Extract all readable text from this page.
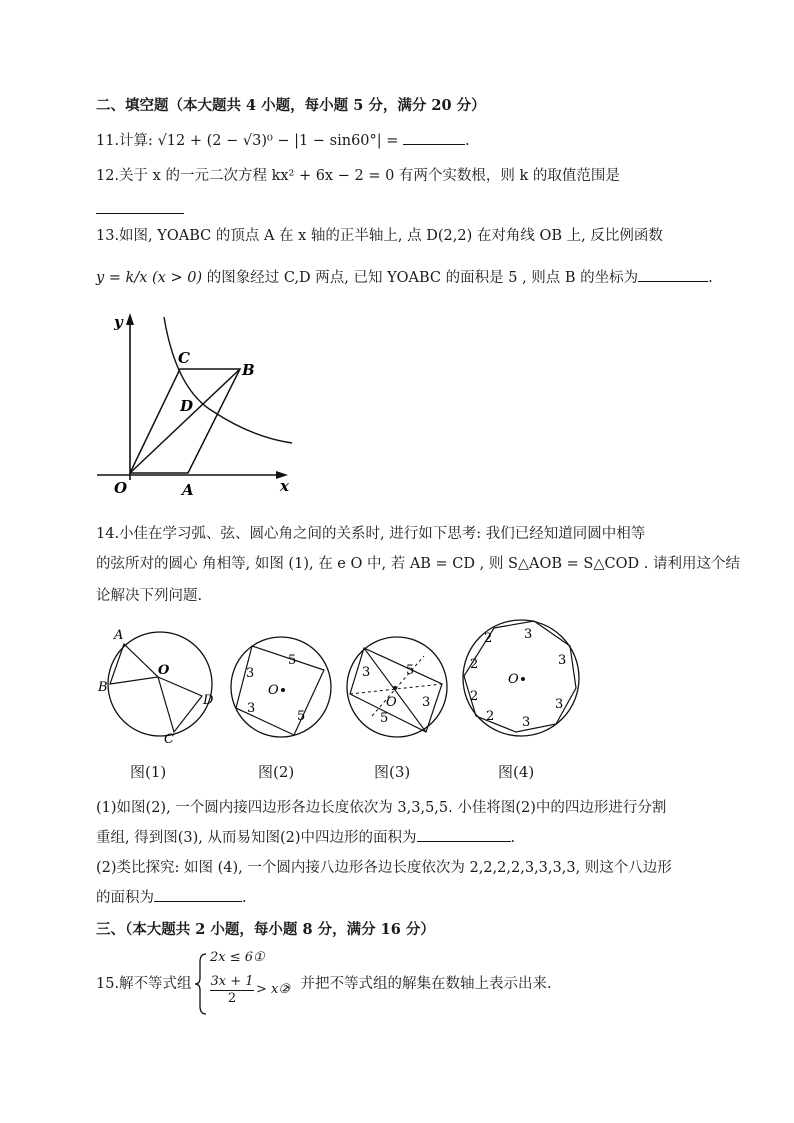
二、填空题（本大题共 4 小题，每小题 5 分，满分 20 分）
11.计算: √12 + (2 − √3)⁰ − |1 − sin60°| =	.
12.关于 x 的一元二次方程 kx² + 6x − 2 = 0 有两个实数根，则 k 的取值范围是
13.如图, YOABC 的顶点 A 在 x 轴的正半轴上, 点 D(2,2) 在对角线 OB 上, 反比例函数
y = k/x (x > 0) 的图象经过 C,D 两点, 已知 YOABC 的面积是 5 , 则点 B 的坐标为	.
y
x
O
C
B
D
A
14.小佳在学习弧、弦、圆心角之间的关系时, 进行如下思考: 我们已经知道同圆中相等
的弦所对的圆心 角相等, 如图 (1), 在 e O 中, 若 AB = CD , 则 S△AOB = S△COD . 请利用这个结
论解决下列问题.
A
B
O
D
C
图(1)
3
5
3
5
O
图(2)
3	5
3
5
O
图(3)
3
3
3
3
2
2
2
2
O
图(4)
(1)如图(2), 一个圆内接四边形各边长度依次为 3,3,5,5. 小佳将图(2)中的四边形进行分割
重组, 得到图(3), 从而易知图(2)中四边形的面积为	.
(2)类比探究: 如图 (4), 一个圆内接八边形各边长度依次为 2,2,2,2,3,3,3,3, 则这个八边形
的面积为	.
三、（本大题共 2 小题，每小题 8 分，满分 16 分）
15.解不等式组
2x ≤ 6①
$\frac{3x + 1}{2}$ > x②
，并把不等式组的解集在数轴上表示出来.
